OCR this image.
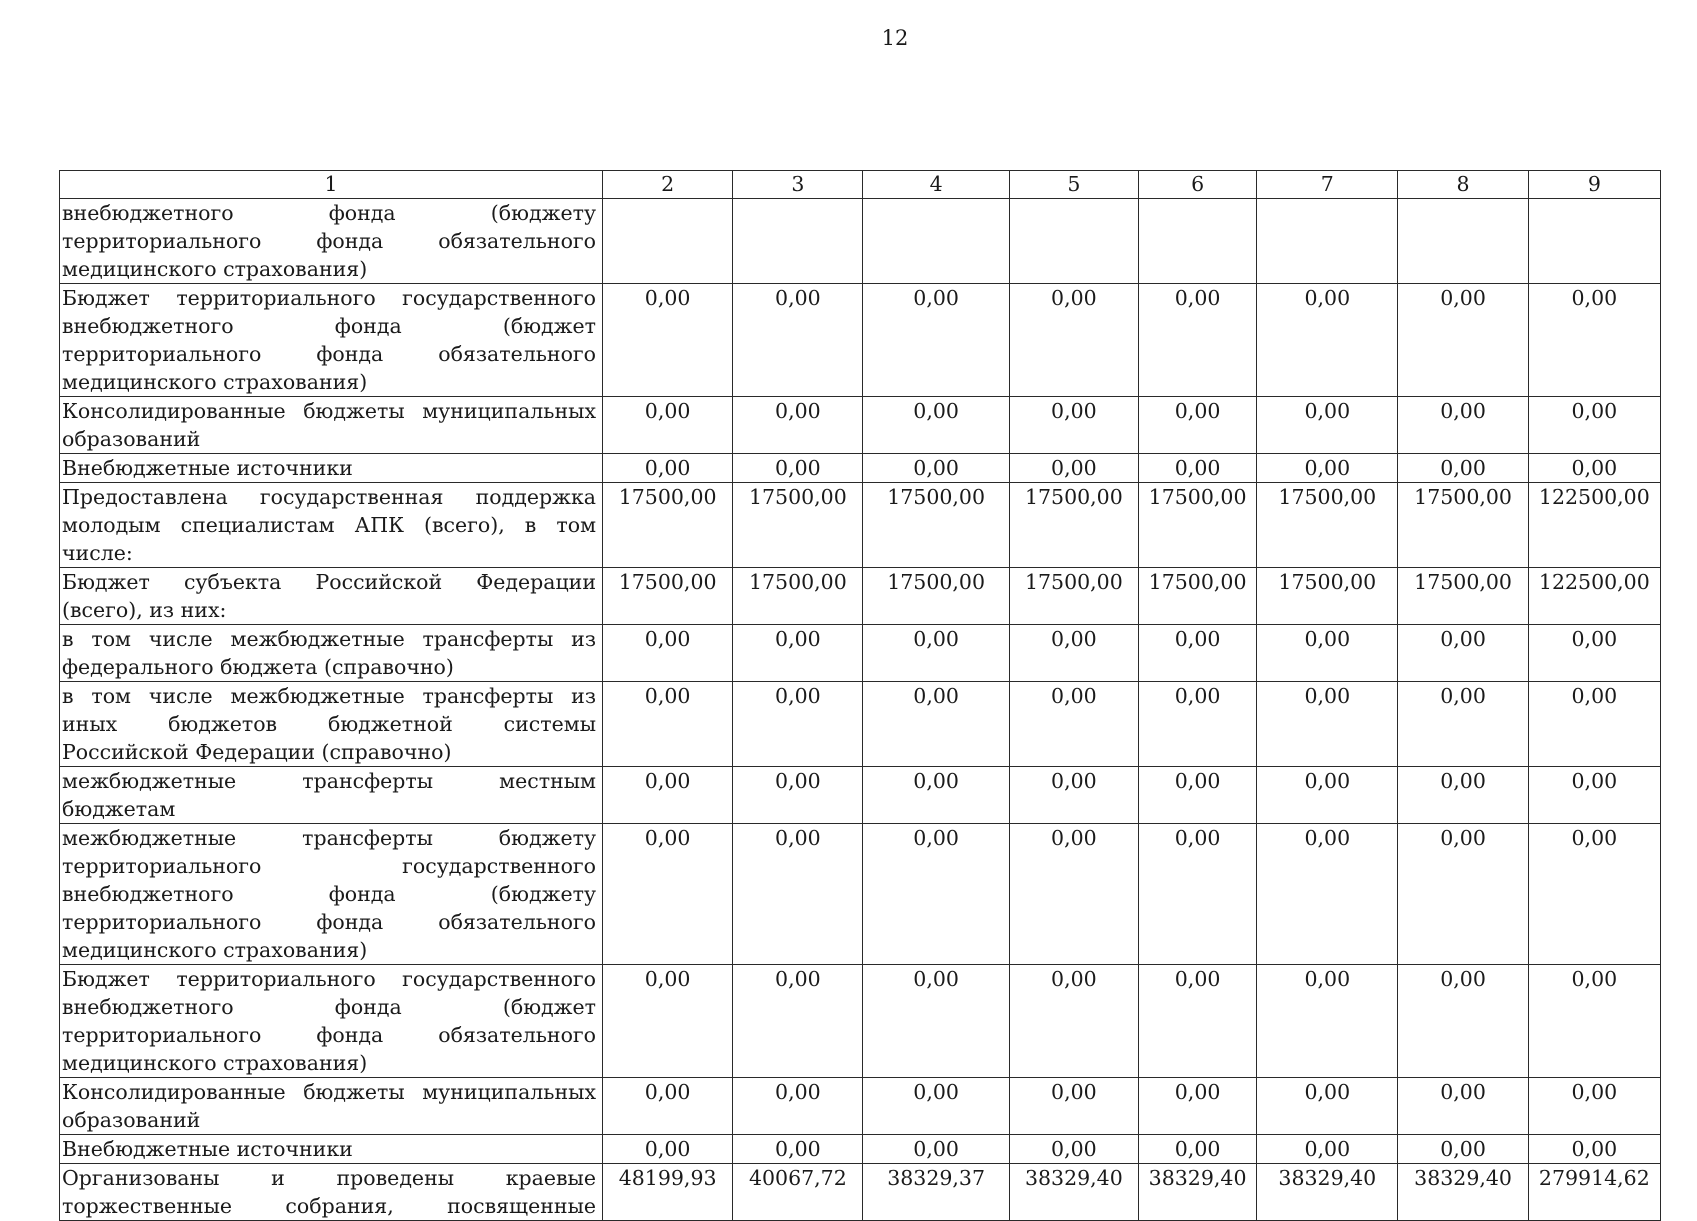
12
1	2	3	4	5	6	7	8	9
внебюджетного фонда (бюджету территориального фонда обязательного медицинского страхования)								
Бюджет территориального государственного внебюджетного фонда (бюджет территориального фонда обязательного медицинского страхования)	0,00	0,00	0,00	0,00	0,00	0,00	0,00	0,00
Консолидированные бюджеты муниципальных образований	0,00	0,00	0,00	0,00	0,00	0,00	0,00	0,00
Внебюджетные источники	0,00	0,00	0,00	0,00	0,00	0,00	0,00	0,00
Предоставлена государственная поддержка молодым специалистам АПК (всего), в том числе:	17500,00	17500,00	17500,00	17500,00	17500,00	17500,00	17500,00	122500,00
Бюджет субъекта Российской Федерации (всего), из них:	17500,00	17500,00	17500,00	17500,00	17500,00	17500,00	17500,00	122500,00
в том числе межбюджетные трансферты из федерального бюджета (справочно)	0,00	0,00	0,00	0,00	0,00	0,00	0,00	0,00
в том числе межбюджетные трансферты из иных бюджетов бюджетной системы Российской Федерации (справочно)	0,00	0,00	0,00	0,00	0,00	0,00	0,00	0,00
межбюджетные трансферты местным бюджетам	0,00	0,00	0,00	0,00	0,00	0,00	0,00	0,00
межбюджетные трансферты бюджету территориального государственного внебюджетного фонда (бюджету территориального фонда обязательного медицинского страхования)	0,00	0,00	0,00	0,00	0,00	0,00	0,00	0,00
Бюджет территориального государственного внебюджетного фонда (бюджет территориального фонда обязательного медицинского страхования)	0,00	0,00	0,00	0,00	0,00	0,00	0,00	0,00
Консолидированные бюджеты муниципальных образований	0,00	0,00	0,00	0,00	0,00	0,00	0,00	0,00
Внебюджетные источники	0,00	0,00	0,00	0,00	0,00	0,00	0,00	0,00
Организованы и проведены краевые торжественные собрания, посвященные	48199,93	40067,72	38329,37	38329,40	38329,40	38329,40	38329,40	279914,62
